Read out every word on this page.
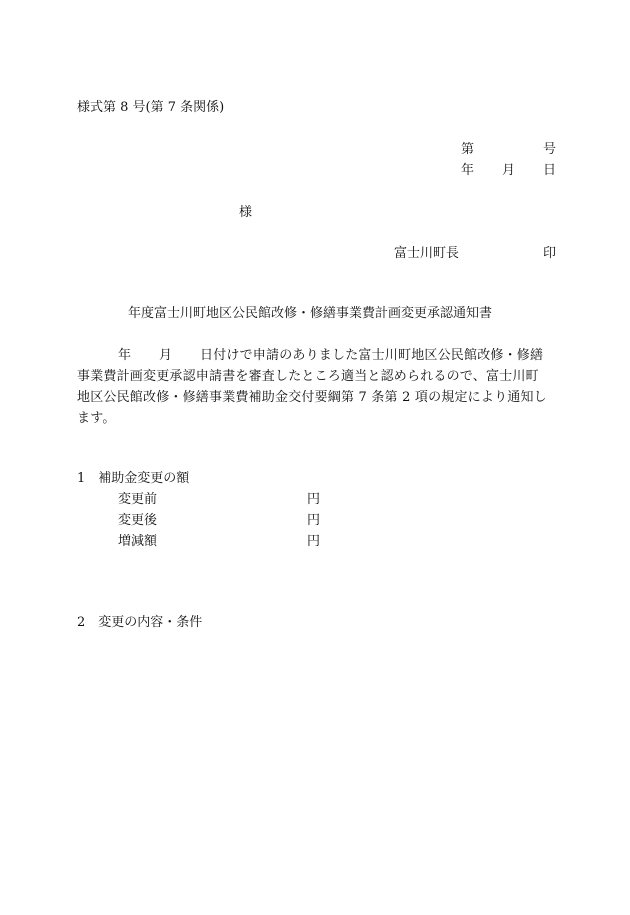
様式第 8 号(第 7 条関係)
第	号
年 月 日
様
富士川町長	印
年度富士川町地区公民館改修・修繕事業費計画変更承認通知書
年 月 日付けで申請のありました富士川町地区公民館改修・修繕
事業費計画変更承認申請書を審査したところ適当と認められるので、富士川町
地区公民館改修・修繕事業費補助金交付要綱第 7 条第 2 項の規定により通知し
ます。
1　補助金変更の額
変更前	円
変更後	円
増減額	円
2　変更の内容・条件
